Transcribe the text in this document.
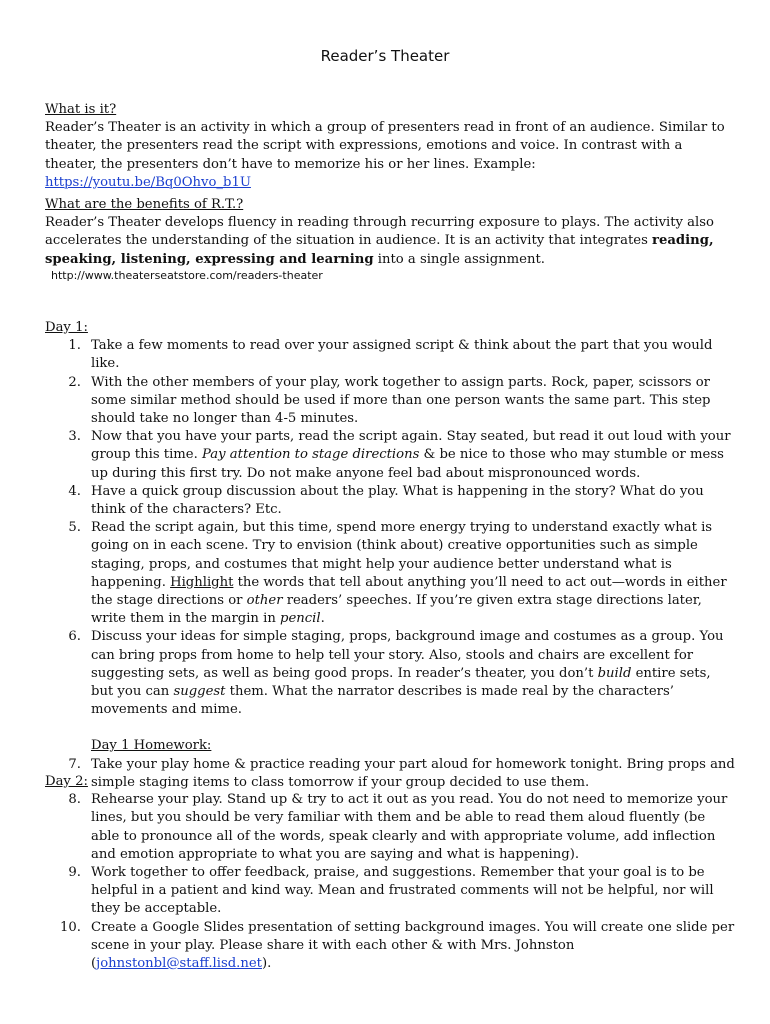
Reader’s Theater
What is it?
Reader’s Theater is an activity in which a group of presenters read in front of an audience. Similar to theater, the presenters read the script with expressions, emotions and voice. In contrast with a theater, the presenters don’t have to memorize his or her lines. Example: https://youtu.be/Bq0Ohvo_b1U
What are the benefits of R.T.?
Reader’s Theater develops fluency in reading through recurring exposure to plays. The activity also accelerates the understanding of the situation in audience. It is an activity that integrates reading, speaking, listening, expressing and learning into a single assignment.
http://www.theaterseatstore.com/readers-theater
Day 1:
1. Take a few moments to read over your assigned script & think about the part that you would like.
2. With the other members of your play, work together to assign parts. Rock, paper, scissors or some similar method should be used if more than one person wants the same part. This step should take no longer than 4-5 minutes.
3. Now that you have your parts, read the script again. Stay seated, but read it out loud with your group this time. Pay attention to stage directions & be nice to those who may stumble or mess up during this first try. Do not make anyone feel bad about mispronounced words.
4. Have a quick group discussion about the play. What is happening in the story? What do you think of the characters? Etc.
5. Read the script again, but this time, spend more energy trying to understand exactly what is going on in each scene. Try to envision (think about) creative opportunities such as simple staging, props, and costumes that might help your audience better understand what is happening. Highlight the words that tell about anything you’ll need to act out—words in either the stage directions or other readers’ speeches. If you’re given extra stage directions later, write them in the margin in pencil.
6. Discuss your ideas for simple staging, props, background image and costumes as a group. You can bring props from home to help tell your story. Also, stools and chairs are excellent for suggesting sets, as well as being good props. In reader’s theater, you don’t build entire sets, but you can suggest them. What the narrator describes is made real by the characters’ movements and mime.
Day 1 Homework:
7. Take your play home & practice reading your part aloud for homework tonight. Bring props and simple staging items to class tomorrow if your group decided to use them.
Day 2:
8. Rehearse your play. Stand up & try to act it out as you read. You do not need to memorize your lines, but you should be very familiar with them and be able to read them aloud fluently (be able to pronounce all of the words, speak clearly and with appropriate volume, add inflection and emotion appropriate to what you are saying and what is happening).
9. Work together to offer feedback, praise, and suggestions. Remember that your goal is to be helpful in a patient and kind way. Mean and frustrated comments will not be helpful, nor will they be acceptable.
10. Create a Google Slides presentation of setting background images. You will create one slide per scene in your play. Please share it with each other & with Mrs. Johnston (johnstonbl@staff.lisd.net).
